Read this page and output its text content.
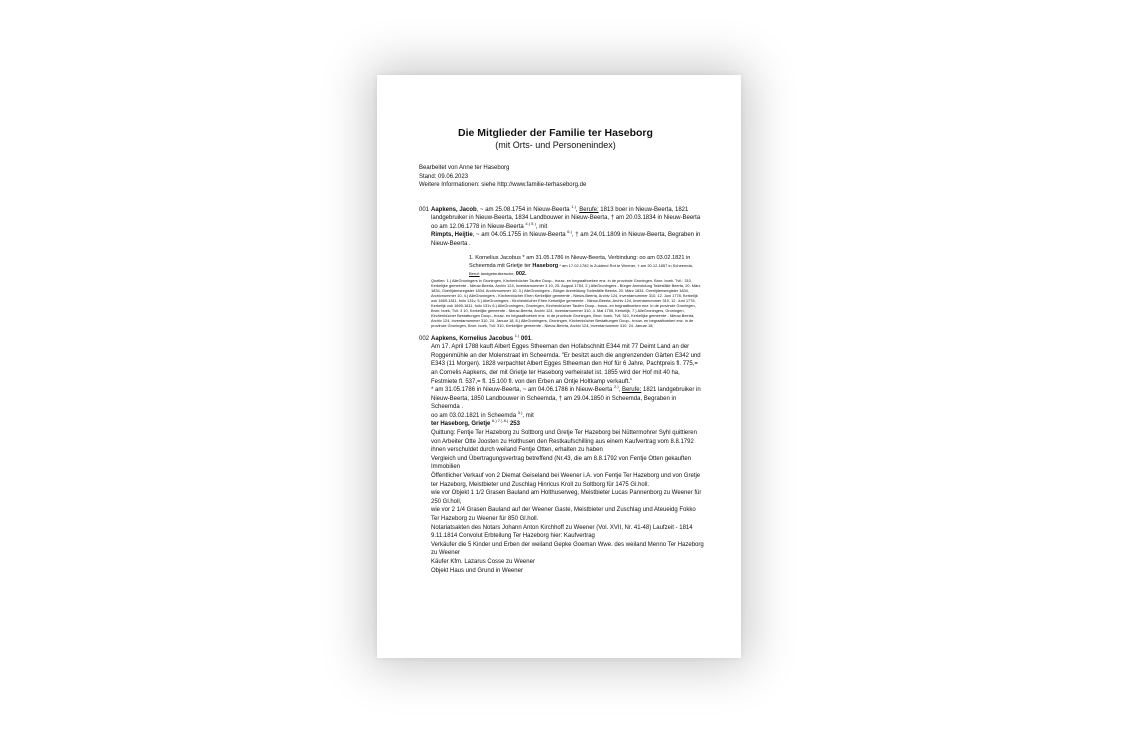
Die Mitglieder der Familie ter Haseborg
(mit Orts- und Personenindex)
Bearbeitet von Anne ter Haseborg
Stand: 09.06.2023
Weitere Informationen: siehe http://www.familie-terhaseborg.de
001 Aapkens, Jacob, ~ am 25.08.1754 in Nieuw-Beerta $^{1.)}$, Berufe: 1813 boer in Nieuw-Beerta, 1821 landgebruiker in Nieuw-Beerta, 1834 Landbouwer in Nieuw-Beerta, † am 20.03.1834 in Nieuw-Beerta oo am 12.06.1778 in Nieuw-Beerta $^{4.) 5.)}$, mit
Rimpts, Heijtie, ~ am 04.05.1755 in Nieuw-Beerta $^{6.)}$, † am 24.01.1809 in Nieuw-Beerta, Begraben in Nieuw-Beerta .
1. Kornelius Jacobus * am 31.05.1786 in Nieuw-Beerta, Verbindung: oo am 03.02.1821 in Scheemda mit Grietje ter Haseborg * am 17.02.1782 in Zuidend Rot te Weener, † am 20.12.1857 in Scheemda, Beruf: landgebruikersche, 002.
Quellen: 1.) AlleGroningers in Groningen, Kirchenbücher Taufen Doop-, trouw- en begraafboeken enz. in de provincie Groningen, Bron: boek, Tvil.: 310, Kerkelijke gemeente - Nieuw-Beerta, Archiv 124, Inventarnummer 3 10, 25. August 1754, 2.) AlleGroningers - Bürger Anmeldung Todesfälle Beerta, 20. März 1834, Overlijdensregister 1834, Archivnummer 10, 3.) AlleGroningers - Bürger Anmeldung Todesfälle Beerta: 20. März 1834, Overlijdensregister 1834, Archivnummer 10, 4.) AlleGroningers - Kirchenbücher Ehen Kerkelijke gemeente - Nieuw-Beerta, Archiv 124, Inventarnummer 310, 12. Juni 1778, Kerkelijk ook 1669-1811, folio 131v, 5.) AlleGroningers - Kirchenbücher Ehen Kerkelijke gemeente - Nieuw-Beerta, Archiv 124, Inventarnummer 310, 12. Juni 1778, Kerkelijk ook 1669-1811, folio 131v 6.) AlleGroningers, Groningen, Kirchenbücher Taufen Doop-, trouw- en begraafboeken enz. in de provincie Groningen, Bron: boek, Tvil: 3 10, Kerkelijke gemeente - Nieuw-Beerta, Archiv 124, Inventarnummer 310, 4. Mai 1755, Kerkelijk, 7.) AlleGroningers, Groningen, Kirchenbücher Bestattungen Doop-, trouw- en begraafboeken enz. in de provincie Groningen, Bron: boek, Tvil: 310, Kerkelijke gemeente - Nieuw-Beerta, Archiv 124, Inventarnummer 310, 24. Januar 18, 8.) AlleGroningers, Groningen, Kirchenbücher Bestattungen Doop-, trouw- en begraafboeken enz. in de provincie Groningen, Bron: boek, Tvil: 310, Kerkelijke gemeente - Nieuw-Beerta, Archiv 124, Inventarnummer 310, 24. Januar 18,
002 Aapkens, Kornelius Jacobus $^{1.)}$ 001.
Am 17. April 1788 kauft Albert Egges Stheeman den Hofabschnitt E344 mit 77 Deimt Land an der Roggenmühle an der Molenstraat im Scheemda. "Er besitzt auch die angrenzenden Gärten E342 und E343 (11 Morgen). 1828 verpachtet Albert Egges Stheeman den Hof für 6 Jahre, Pachtpreis fl. 775,= an Cornelis Aapkens, der mit Grietje ter Haseborg verheiratet ist. 1855 wird der Hof mit 40 ha, Festmiete fl. 537,= fl. 15.100 fl. von den Erben an Ontje Holtkamp verkauft."
* am 31.05.1786 in Nieuw-Beerta, ~ am 04.06.1786 in Nieuw-Beerta $^{2.)}$, Berufe: 1821 landgebruiker in Nieuw-Beerta, 1850 Landbouwer in Scheemda, † am 29.04.1850 in Scheemda, Begraben in Scheemda .
oo am 03.02.1821 in Scheemda $^{3.)}$, mit
ter Haseborg, Grietje $^{6.) 7.) 8.)}$ 253
Quittung: Fentje Ter Hazeborg zu Soltborg und Gretje Ter Hazeborg bei Nüttermohrer Syhl quittieren von Arbeiter Otte Joosten zu Holthusen den Restkaufschilling aus einem Kaufvertrag vom 8.8.1792 ihnen verschuldet durch weiland Fentje Otten, erhalten zu haben
Vergleich und Übertragungsvertrag betreffend (Nr.43, die am 8.8.1792 von Fentje Otten gekauften Immobilien
Öffentlicher Verkauf von 2 Diemat Geiseland bei Weener i.A. von Fentje Ter Hazeborg und von Gretje ter Hazeborg, Meistbieter und Zuschlag Hinricus Kroll zu Soltborg für 1475 Gl.holl.
wie vor Objekt 1 1/2 Grasen Bauland am Holthuserweg, Meistbieter Lucas Pannenborg zu Weener für 250 Gl.holl,
wie vor 2 1/4 Grasen Bauland auf der Weener Gaste, Meistbieter und Zuschlag und Ateueidg Fokko Ter Hazeborg zu Weener für 850 Gl.holl.
Notariatsakten des Notars Johann Anton Kirchhoff zu Weener (Vol. XVII, Nr. 41-48) Laufzeit - 1814
9.11.1814 Convolut Erbteilung Ter Hazeborg hier: Kaufvertrag
Verkäufer die 5 Kinder und Erben der weiland Gepke Goeman Wwe. des weiland Menno Ter Hazeborg zu Weener
Käufer Kfm. Lazarus Cosse zu Weener
Objekt Haus und Grund in Weener
